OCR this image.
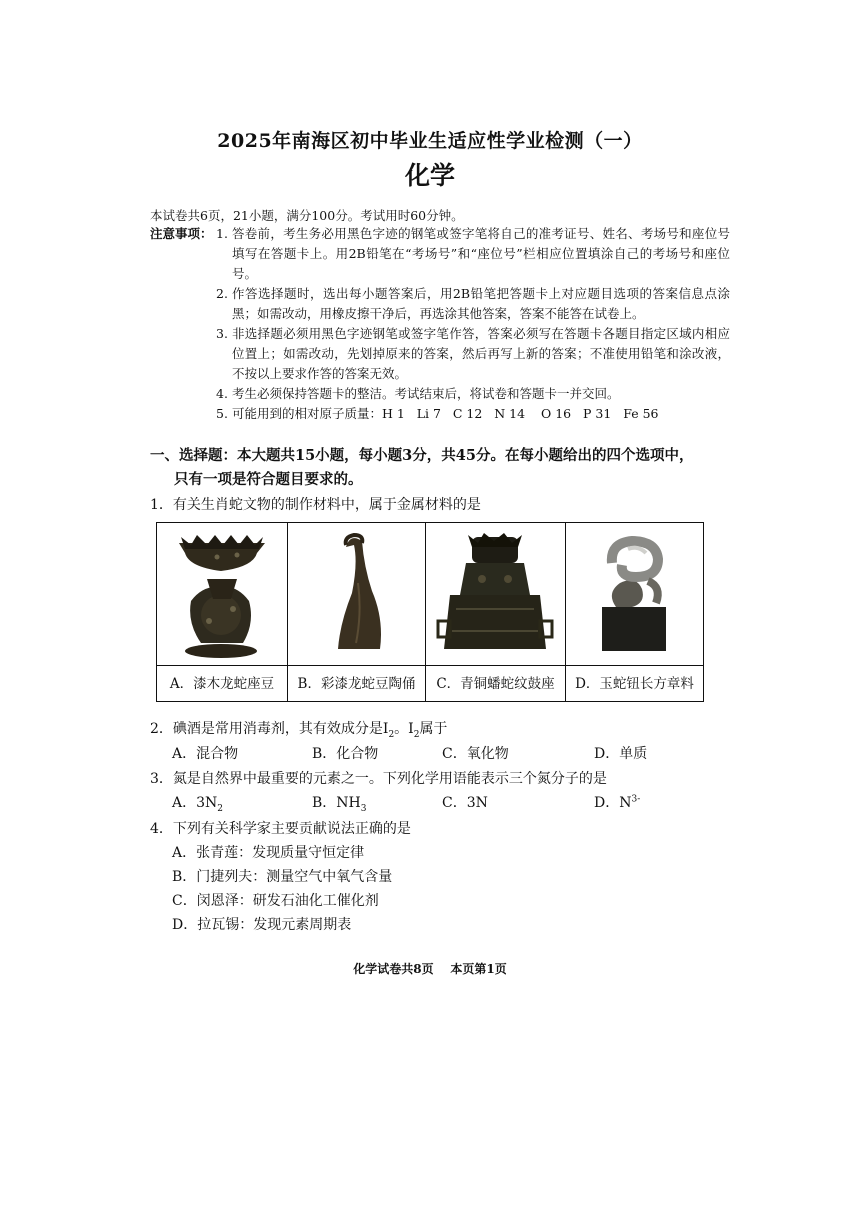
2025年南海区初中毕业生适应性学业检测（一）
化学
本试卷共6页，21小题，满分100分。考试用时60分钟。
注意事项： 1. 答卷前，考生务必用黑色字迹的钢笔或签字笔将自己的准考证号、姓名、考场号和座位号填写在答题卡上。用2B铅笔在“考场号”和“座位号”栏相应位置填涂自己的考场号和座位号。
2. 作答选择题时，选出每小题答案后，用2B铅笔把答题卡上对应题目选项的答案信息点涂黑；如需改动，用橡皮擦干净后，再选涂其他答案，答案不能答在试卷上。
3. 非选择题必须用黑色字迹钢笔或签字笔作答，答案必须写在答题卡各题目指定区域内相应位置上；如需改动，先划掉原来的答案，然后再写上新的答案；不准使用铅笔和涂改液，不按以上要求作答的答案无效。
4. 考生必须保持答题卡的整洁。考试结束后，将试卷和答题卡一并交回。
5. 可能用到的相对原子质量：H 1   Li 7   C 12   N 14    O 16   P 31   Fe 56
一、选择题：本大题共15小题，每小题3分，共45分。在每小题给出的四个选项中，
只有一项是符合题目要求的。
1．有关生肖蛇文物的制作材料中，属于金属材料的是
A．漆木龙蛇座豆	B．彩漆龙蛇豆陶俑	C．青铜蟠蛇纹鼓座	D．玉蛇钮长方章料
2．碘酒是常用消毒剂，其有效成分是$I_2$。$I_2$属于
A．混合物	B．化合物	C．氧化物	D．单质
3．氮是自然界中最重要的元素之一。下列化学用语能表示三个氮分子的是
A．$3N_2$	B．$NH_3$	C．3N	D．$N^{3-}$
4．下列有关科学家主要贡献说法正确的是
A．张青莲：发现质量守恒定律
B．门捷列夫：测量空气中氧气含量
C．闵恩泽：研发石油化工催化剂
D．拉瓦锡：发现元素周期表
化学试卷共8页    本页第1页
